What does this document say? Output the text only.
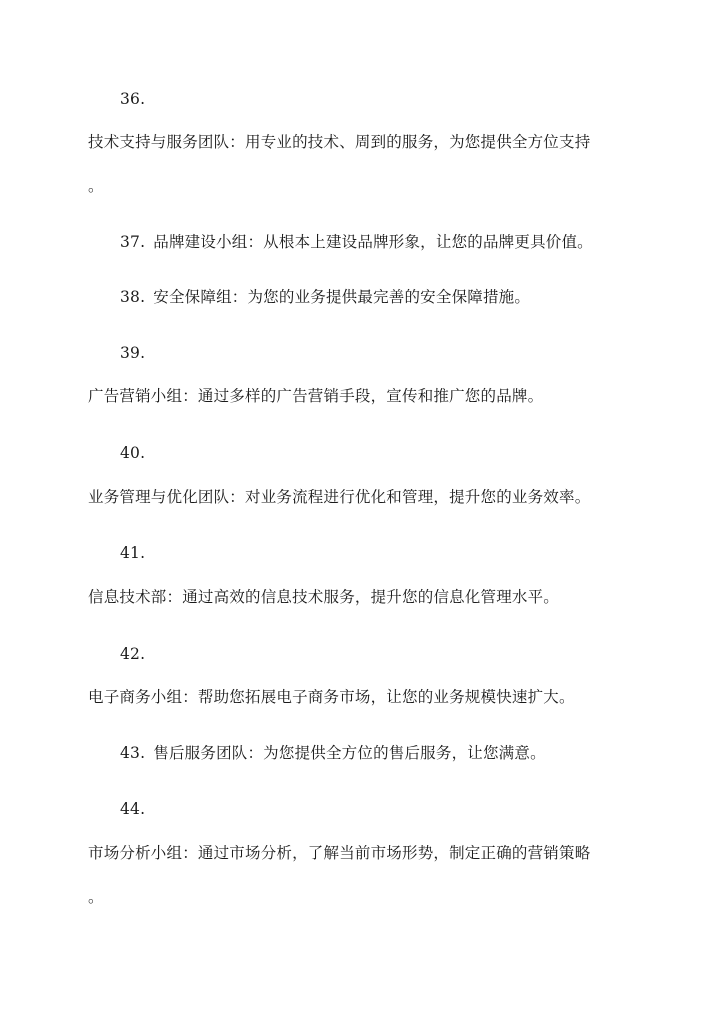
36.
技术支持与服务团队：用专业的技术、周到的服务，为您提供全方位支持
。
37. 品牌建设小组：从根本上建设品牌形象，让您的品牌更具价值。
38. 安全保障组：为您的业务提供最完善的安全保障措施。
39.
广告营销小组：通过多样的广告营销手段，宣传和推广您的品牌。
40.
业务管理与优化团队：对业务流程进行优化和管理，提升您的业务效率。
41.
信息技术部：通过高效的信息技术服务，提升您的信息化管理水平。
42.
电子商务小组：帮助您拓展电子商务市场，让您的业务规模快速扩大。
43. 售后服务团队：为您提供全方位的售后服务，让您满意。
44.
市场分析小组：通过市场分析，了解当前市场形势，制定正确的营销策略
。
